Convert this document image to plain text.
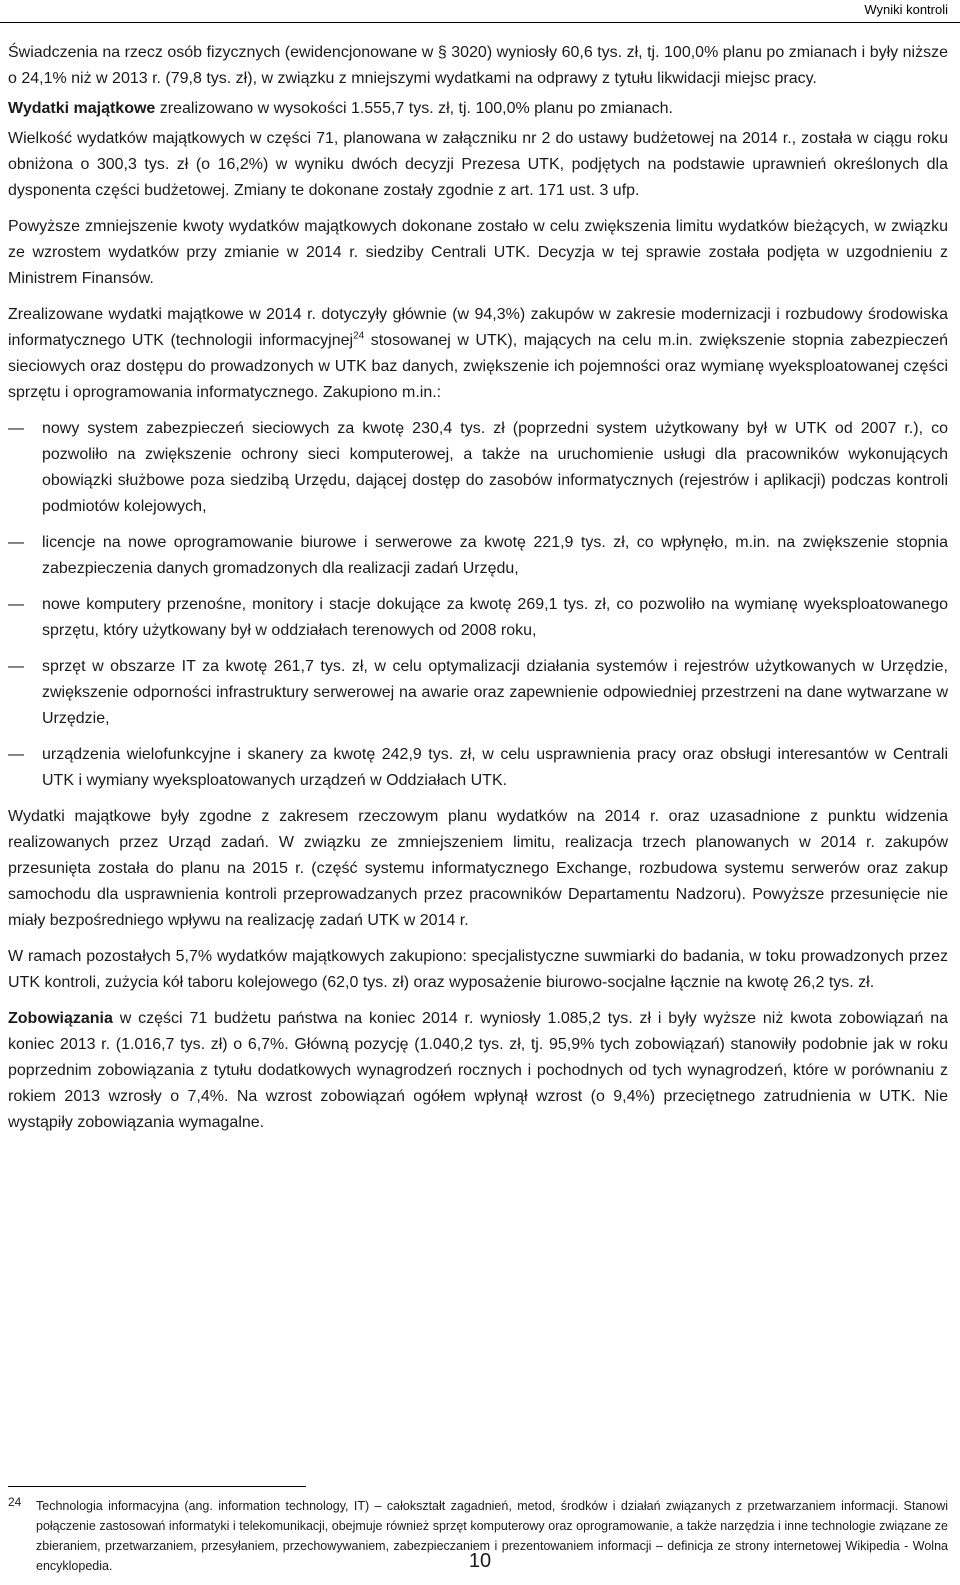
Wyniki kontroli

Świadczenia na rzecz osób fizycznych (ewidencjonowane w § 3020) wyniosły 60,6 tys. zł, tj. 100,0% planu po zmianach i były niższe o 24,1% niż w 2013 r. (79,8 tys. zł), w związku z mniejszymi wydatkami na odprawy z tytułu likwidacji miejsc pracy.

Wydatki majątkowe zrealizowano w wysokości 1.555,7 tys. zł, tj. 100,0% planu po zmianach.

Wielkość wydatków majątkowych w części 71, planowana w załączniku nr 2 do ustawy budżetowej na 2014 r., została w ciągu roku obniżona o 300,3 tys. zł (o 16,2%) w wyniku dwóch decyzji Prezesa UTK, podjętych na podstawie uprawnień określonych dla dysponenta części budżetowej. Zmiany te dokonane zostały zgodnie z art. 171 ust. 3 ufp.

Powyższe zmniejszenie kwoty wydatków majątkowych dokonane zostało w celu zwiększenia limitu wydatków bieżących, w związku ze wzrostem wydatków przy zmianie w 2014 r. siedziby Centrali UTK. Decyzja w tej sprawie została podjęta w uzgodnieniu z Ministrem Finansów.

Zrealizowane wydatki majątkowe w 2014 r. dotyczyły głównie (w 94,3%) zakupów w zakresie modernizacji i rozbudowy środowiska informatycznego UTK (technologii informacyjnej$^{24}$ stosowanej w UTK), mających na celu m.in. zwiększenie stopnia zabezpieczeń sieciowych oraz dostępu do prowadzonych w UTK baz danych, zwiększenie ich pojemności oraz wymianę wyeksploatowanej części sprzętu i oprogramowania informatycznego. Zakupiono m.in.:

— nowy system zabezpieczeń sieciowych za kwotę 230,4 tys. zł (poprzedni system użytkowany był w UTK od 2007 r.), co pozwoliło na zwiększenie ochrony sieci komputerowej, a także na uruchomienie usługi dla pracowników wykonujących obowiązki służbowe poza siedzibą Urzędu, dającej dostęp do zasobów informatycznych (rejestrów i aplikacji) podczas kontroli podmiotów kolejowych,
— licencje na nowe oprogramowanie biurowe i serwerowe za kwotę 221,9 tys. zł, co wpłynęło, m.in. na zwiększenie stopnia zabezpieczenia danych gromadzonych dla realizacji zadań Urzędu,
— nowe komputery przenośne, monitory i stacje dokujące za kwotę 269,1 tys. zł, co pozwoliło na wymianę wyeksploatowanego sprzętu, który użytkowany był w oddziałach terenowych od 2008 roku,
— sprzęt w obszarze IT za kwotę 261,7 tys. zł, w celu optymalizacji działania systemów i rejestrów użytkowanych w Urzędzie, zwiększenie odporności infrastruktury serwerowej na awarie oraz zapewnienie odpowiedniej przestrzeni na dane wytwarzane w Urzędzie,
— urządzenia wielofunkcyjne i skanery za kwotę 242,9 tys. zł, w celu usprawnienia pracy oraz obsługi interesantów w Centrali UTK i wymiany wyeksploatowanych urządzeń w Oddziałach UTK.

Wydatki majątkowe były zgodne z zakresem rzeczowym planu wydatków na 2014 r. oraz uzasadnione z punktu widzenia realizowanych przez Urząd zadań. W związku ze zmniejszeniem limitu, realizacja trzech planowanych w 2014 r. zakupów przesunięta została do planu na 2015 r. (część systemu informatycznego Exchange, rozbudowa systemu serwerów oraz zakup samochodu dla usprawnienia kontroli przeprowadzanych przez pracowników Departamentu Nadzoru). Powyższe przesunięcie nie miały bezpośredniego wpływu na realizację zadań UTK w 2014 r.

W ramach pozostałych 5,7% wydatków majątkowych zakupiono: specjalistyczne suwmiarki do badania, w toku prowadzonych przez UTK kontroli, zużycia kół taboru kolejowego (62,0 tys. zł) oraz wyposażenie biurowo-socjalne łącznie na kwotę 26,2 tys. zł.

Zobowiązania w części 71 budżetu państwa na koniec 2014 r. wyniosły 1.085,2 tys. zł i były wyższe niż kwota zobowiązań na koniec 2013 r. (1.016,7 tys. zł) o 6,7%. Główną pozycję (1.040,2 tys. zł, tj. 95,9% tych zobowiązań) stanowiły podobnie jak w roku poprzednim zobowiązania z tytułu dodatkowych wynagrodzeń rocznych i pochodnych od tych wynagrodzeń, które w porównaniu z rokiem 2013 wzrosły o 7,4%. Na wzrost zobowiązań ogółem wpłynął wzrost (o 9,4%) przeciętnego zatrudnienia w UTK. Nie wystąpiły zobowiązania wymagalne.

24 Technologia informacyjna (ang. information technology, IT) – całokształt zagadnień, metod, środków i działań związanych z przetwarzaniem informacji. Stanowi połączenie zastosowań informatyki i telekomunikacji, obejmuje również sprzęt komputerowy oraz oprogramowanie, a także narzędzia i inne technologie związane ze zbieraniem, przetwarzaniem, przesyłaniem, przechowywaniem, zabezpieczaniem i prezentowaniem informacji – definicja ze strony internetowej Wikipedia - Wolna encyklopedia.	10
